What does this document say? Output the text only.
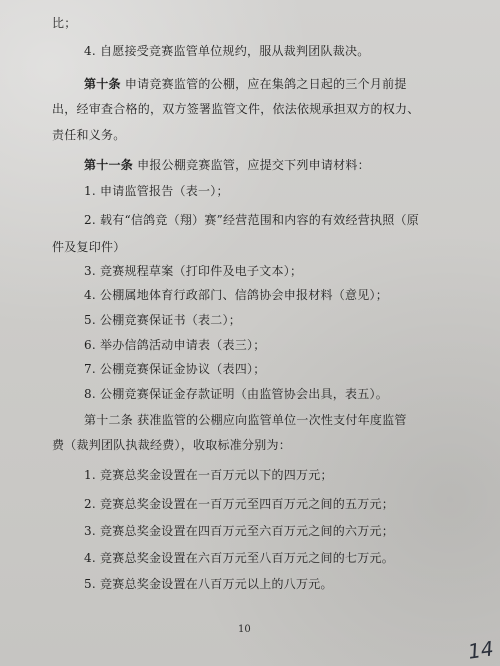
比；
4. 自愿接受竞赛监管单位规约，服从裁判团队裁决。
第十条 申请竞赛监管的公棚，应在集鸽之日起的三个月前提
出，经审查合格的，双方签署监管文件，依法依规承担双方的权力、
责任和义务。
第十一条 申报公棚竞赛监管，应提交下列申请材料：
1. 申请监管报告（表一）；
2. 载有“信鸽竞（翔）赛”经营范围和内容的有效经营执照（原
件及复印件）
3. 竞赛规程草案（打印件及电子文本）；
4. 公棚属地体育行政部门、信鸽协会申报材料（意见）；
5. 公棚竞赛保证书（表二）；
6. 举办信鸽活动申请表（表三）；
7. 公棚竞赛保证金协议（表四）；
8. 公棚竞赛保证金存款证明（由监管协会出具，表五）。
第十二条 获准监管的公棚应向监管单位一次性支付年度监管
费（裁判团队执裁经费），收取标准分别为：
1. 竞赛总奖金设置在一百万元以下的四万元；
2. 竞赛总奖金设置在一百万元至四百万元之间的五万元；
3. 竞赛总奖金设置在四百万元至六百万元之间的六万元；
4. 竞赛总奖金设置在六百万元至八百万元之间的七万元。
5. 竞赛总奖金设置在八百万元以上的八万元。
10
14
